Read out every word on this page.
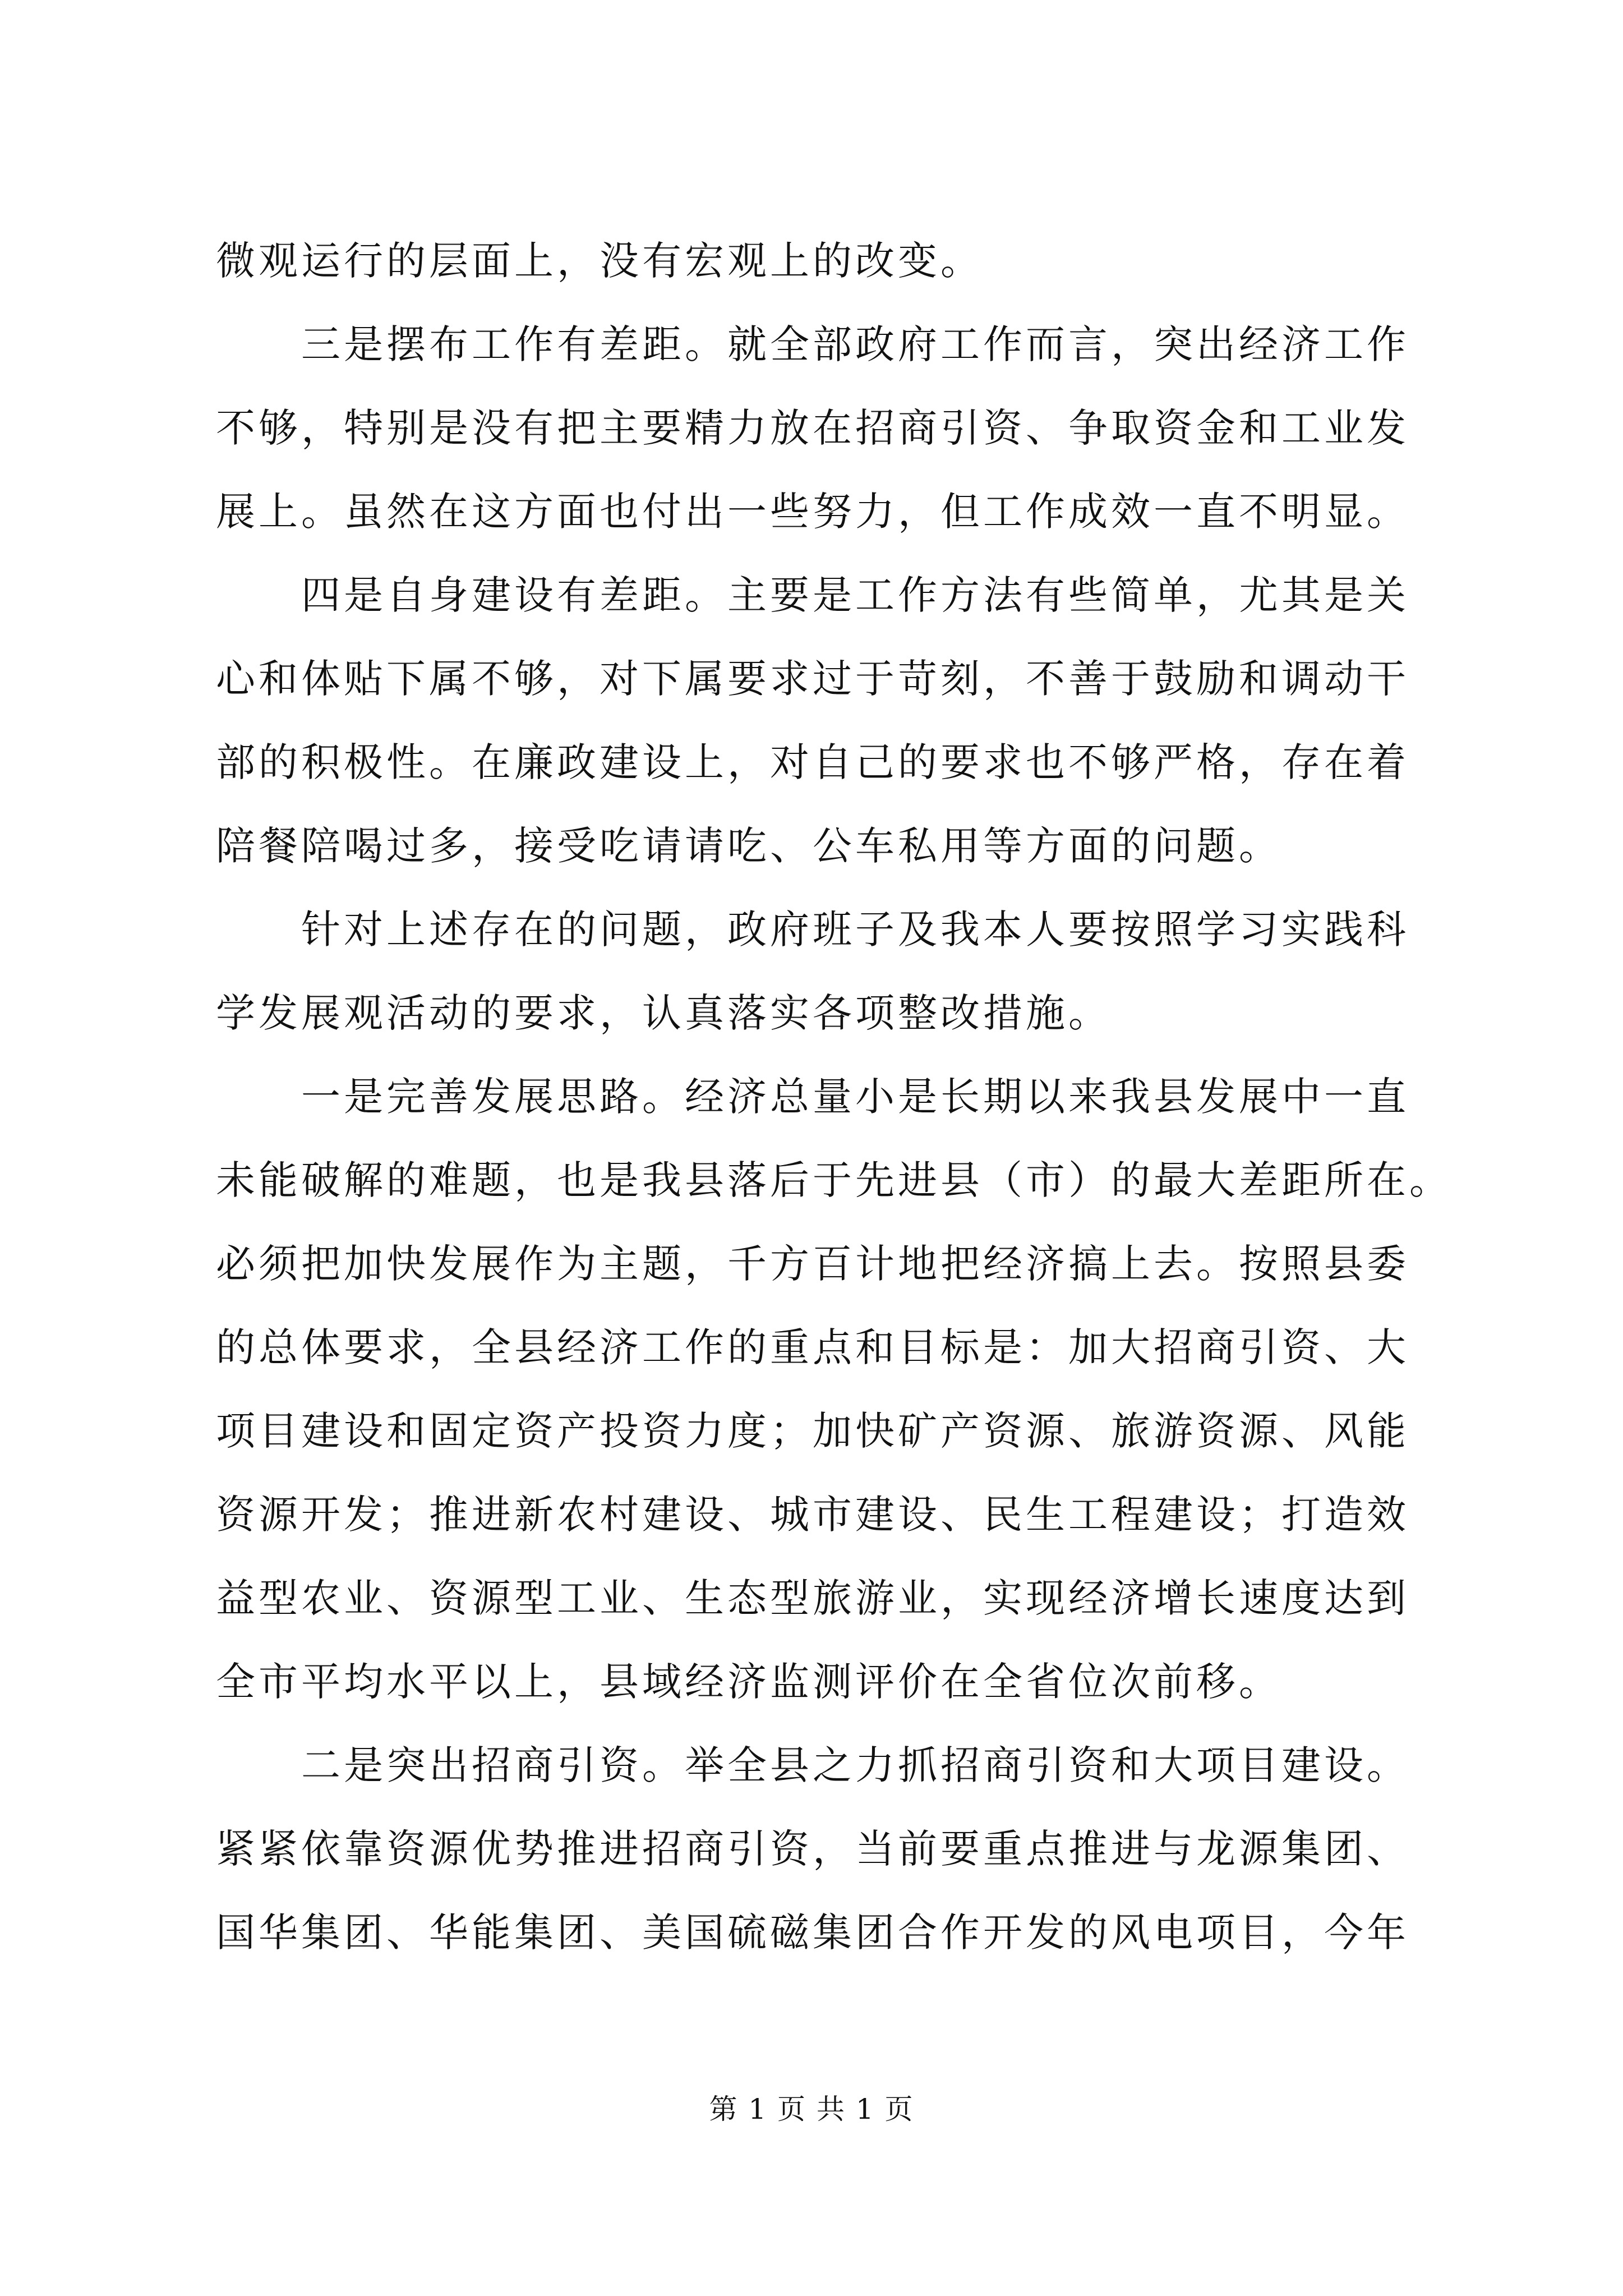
微观运行的层面上，没有宏观上的改变。
三是摆布工作有差距。就全部政府工作而言，突出经济工作
不够，特别是没有把主要精力放在招商引资、争取资金和工业发
展上。虽然在这方面也付出一些努力，但工作成效一直不明显。
四是自身建设有差距。主要是工作方法有些简单，尤其是关
心和体贴下属不够，对下属要求过于苛刻，不善于鼓励和调动干
部的积极性。在廉政建设上，对自己的要求也不够严格，存在着
陪餐陪喝过多，接受吃请请吃、公车私用等方面的问题。
针对上述存在的问题，政府班子及我本人要按照学习实践科
学发展观活动的要求，认真落实各项整改措施。
一是完善发展思路。经济总量小是长期以来我县发展中一直
未能破解的难题，也是我县落后于先进县（市）的最大差距所在。
必须把加快发展作为主题，千方百计地把经济搞上去。按照县委
的总体要求，全县经济工作的重点和目标是：加大招商引资、大
项目建设和固定资产投资力度；加快矿产资源、旅游资源、风能
资源开发；推进新农村建设、城市建设、民生工程建设；打造效
益型农业、资源型工业、生态型旅游业，实现经济增长速度达到
全市平均水平以上，县域经济监测评价在全省位次前移。
二是突出招商引资。举全县之力抓招商引资和大项目建设。
紧紧依靠资源优势推进招商引资，当前要重点推进与龙源集团、
国华集团、华能集团、美国硫磁集团合作开发的风电项目，今年
第 1 页 共 1 页
